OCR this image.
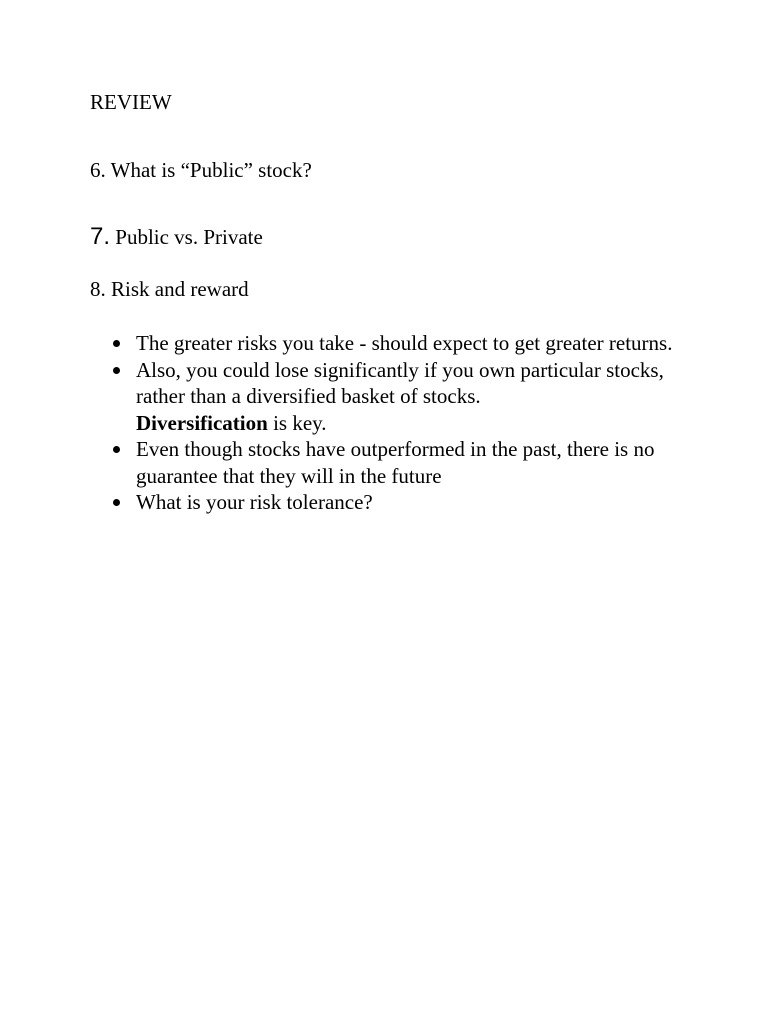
REVIEW

6. What is “Public” stock?

7. Public vs. Private

8. Risk and reward

The greater risks you take - should expect to get greater returns.
Also, you could lose significantly if you own particular stocks, rather than a diversified basket of stocks.
Diversification is key.
Even though stocks have outperformed in the past, there is no guarantee that they will in the future
What is your risk tolerance?
